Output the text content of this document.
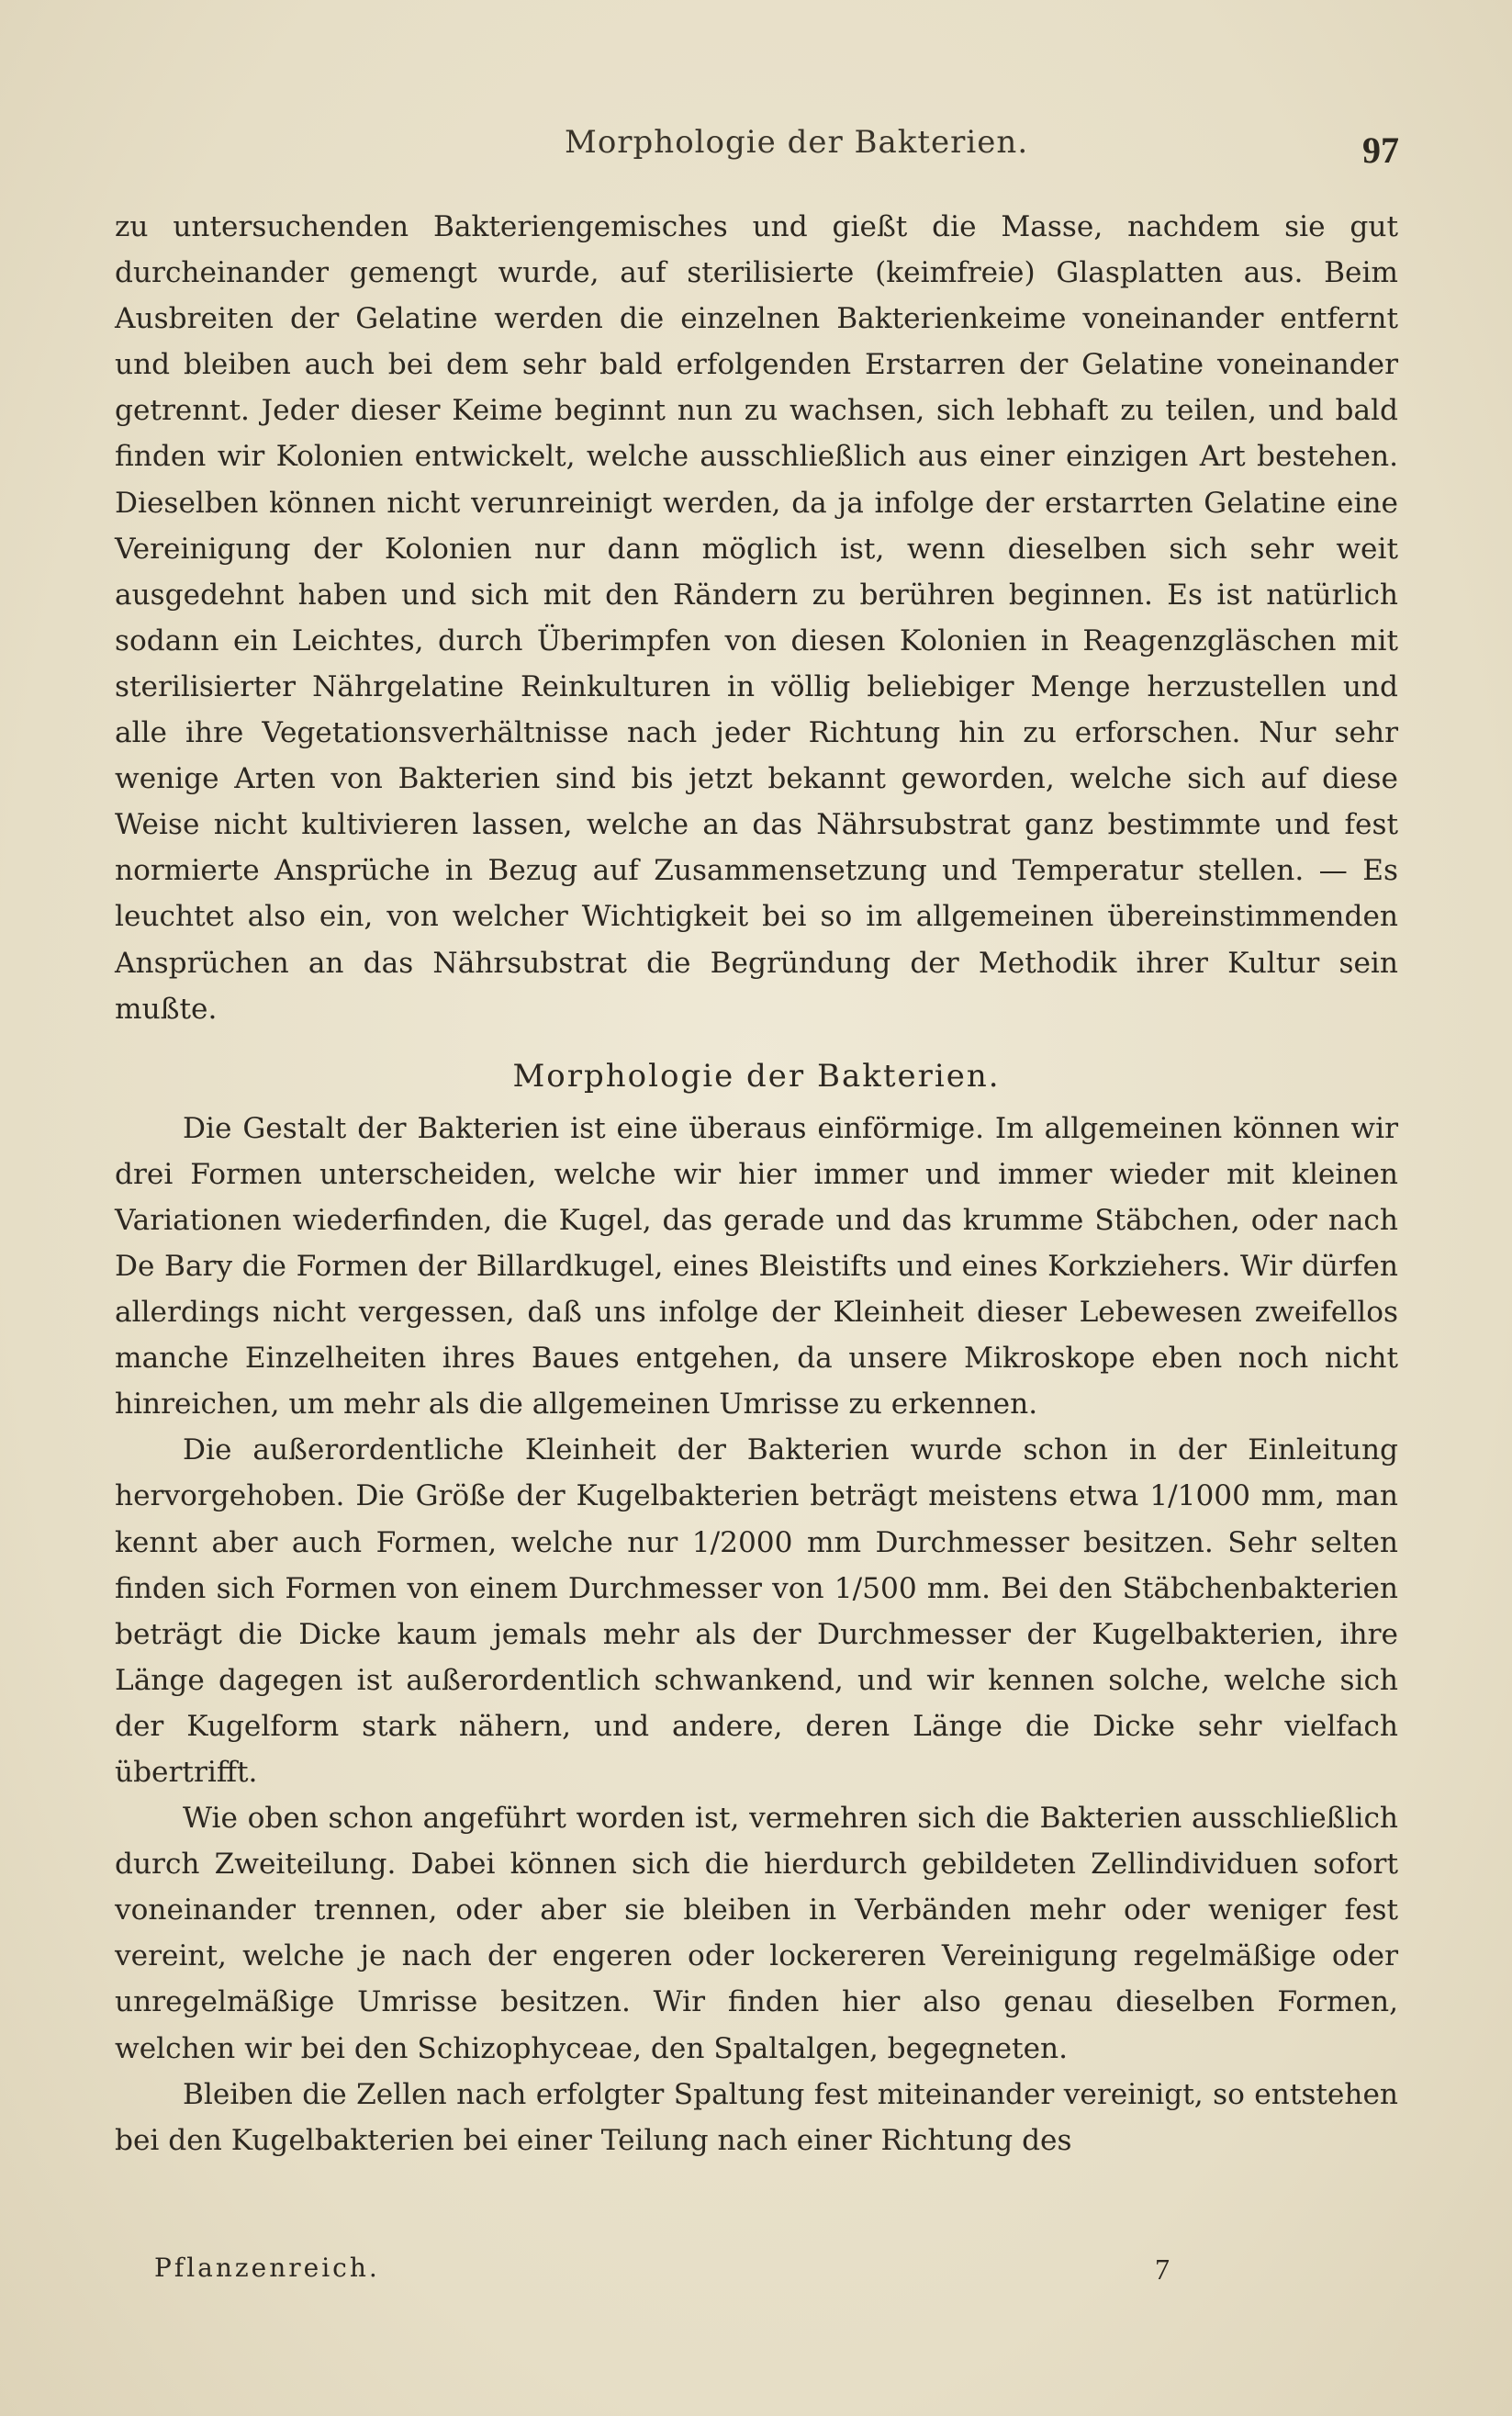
Morphologie der Bakterien.	97

zu untersuchenden Bakteriengemisches und gießt die Masse, nachdem sie gut durcheinander gemengt wurde, auf sterilisierte (keimfreie) Glasplatten aus. Beim Ausbreiten der Gelatine werden die einzelnen Bakterienkeime voneinander entfernt und bleiben auch bei dem sehr bald erfolgenden Erstarren der Gelatine voneinander getrennt. Jeder dieser Keime beginnt nun zu wachsen, sich lebhaft zu teilen, und bald finden wir Kolonien entwickelt, welche ausschließlich aus einer einzigen Art bestehen. Dieselben können nicht verunreinigt werden, da ja infolge der erstarrten Gelatine eine Vereinigung der Kolonien nur dann möglich ist, wenn dieselben sich sehr weit ausgedehnt haben und sich mit den Rändern zu berühren beginnen. Es ist natürlich sodann ein Leichtes, durch Überimpfen von diesen Kolonien in Reagenzgläschen mit sterilisierter Nährgelatine Reinkulturen in völlig beliebiger Menge herzustellen und alle ihre Vegetationsverhältnisse nach jeder Richtung hin zu erforschen. Nur sehr wenige Arten von Bakterien sind bis jetzt bekannt geworden, welche sich auf diese Weise nicht kultivieren lassen, welche an das Nährsubstrat ganz bestimmte und fest normierte Ansprüche in Bezug auf Zusammensetzung und Temperatur stellen. — Es leuchtet also ein, von welcher Wichtigkeit bei so im allgemeinen übereinstimmenden Ansprüchen an das Nährsubstrat die Begründung der Methodik ihrer Kultur sein mußte.

Morphologie der Bakterien.

Die Gestalt der Bakterien ist eine überaus einförmige. Im allgemeinen können wir drei Formen unterscheiden, welche wir hier immer und immer wieder mit kleinen Variationen wiederfinden, die Kugel, das gerade und das krumme Stäbchen, oder nach De Bary die Formen der Billardkugel, eines Bleistifts und eines Korkziehers. Wir dürfen allerdings nicht vergessen, daß uns infolge der Kleinheit dieser Lebewesen zweifellos manche Einzelheiten ihres Baues entgehen, da unsere Mikroskope eben noch nicht hinreichen, um mehr als die allgemeinen Umrisse zu erkennen.

Die außerordentliche Kleinheit der Bakterien wurde schon in der Einleitung hervorgehoben. Die Größe der Kugelbakterien beträgt meistens etwa 1/1000 mm, man kennt aber auch Formen, welche nur 1/2000 mm Durchmesser besitzen. Sehr selten finden sich Formen von einem Durchmesser von 1/500 mm. Bei den Stäbchenbakterien beträgt die Dicke kaum jemals mehr als der Durchmesser der Kugelbakterien, ihre Länge dagegen ist außerordentlich schwankend, und wir kennen solche, welche sich der Kugelform stark nähern, und andere, deren Länge die Dicke sehr vielfach übertrifft.

Wie oben schon angeführt worden ist, vermehren sich die Bakterien ausschließlich durch Zweiteilung. Dabei können sich die hierdurch gebildeten Zellindividuen sofort voneinander trennen, oder aber sie bleiben in Verbänden mehr oder weniger fest vereint, welche je nach der engeren oder lockereren Vereinigung regelmäßige oder unregelmäßige Umrisse besitzen. Wir finden hier also genau dieselben Formen, welchen wir bei den Schizophyceae, den Spaltalgen, begegneten.

Bleiben die Zellen nach erfolgter Spaltung fest miteinander vereinigt, so entstehen bei den Kugelbakterien bei einer Teilung nach einer Richtung des

Pflanzenreich.	7
